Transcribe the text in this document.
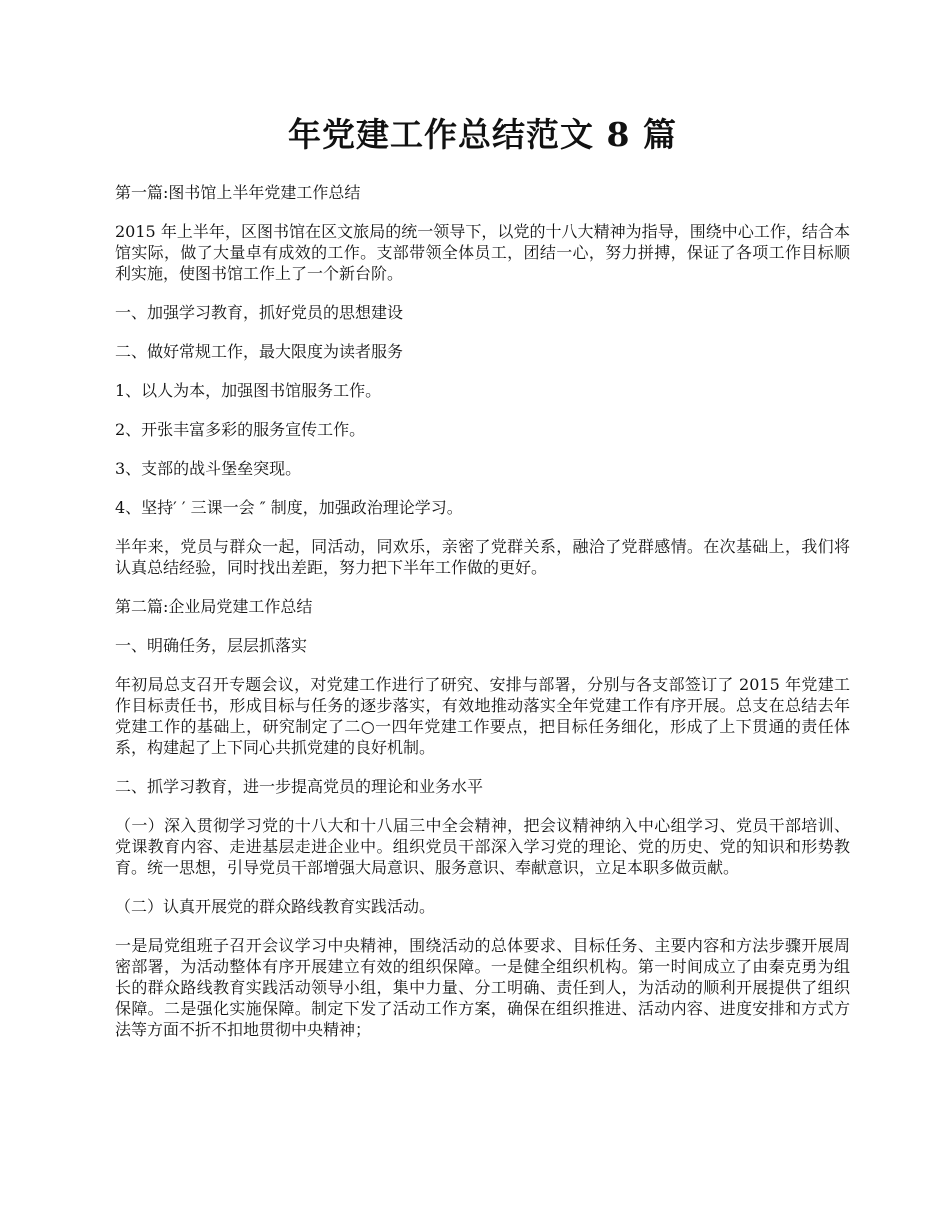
年党建工作总结范文 8 篇

第一篇:图书馆上半年党建工作总结

2015 年上半年，区图书馆在区文旅局的统一领导下，以党的十八大精神为指导，围绕中心工作，结合本馆实际，做了大量卓有成效的工作。支部带领全体员工，团结一心，努力拼搏，保证了各项工作目标顺利实施，使图书馆工作上了一个新台阶。

一、加强学习教育，抓好党员的思想建设

二、做好常规工作，最大限度为读者服务

1、以人为本，加强图书馆服务工作。

2、开张丰富多彩的服务宣传工作。

3、支部的战斗堡垒突现。

4、坚持′ ′ 三课一会 ″ 制度，加强政治理论学习。

半年来，党员与群众一起，同活动，同欢乐，亲密了党群关系，融洽了党群感情。在次基础上，我们将认真总结经验，同时找出差距，努力把下半年工作做的更好。

第二篇:企业局党建工作总结

一、明确任务，层层抓落实

年初局总支召开专题会议，对党建工作进行了研究、安排与部署，分别与各支部签订了 2015 年党建工作目标责任书，形成目标与任务的逐步落实，有效地推动落实全年党建工作有序开展。总支在总结去年党建工作的基础上，研究制定了二○一四年党建工作要点，把目标任务细化，形成了上下贯通的责任体系，构建起了上下同心共抓党建的良好机制。

二、抓学习教育，进一步提高党员的理论和业务水平

（一）深入贯彻学习党的十八大和十八届三中全会精神，把会议精神纳入中心组学习、党员干部培训、党课教育内容、走进基层走进企业中。组织党员干部深入学习党的理论、党的历史、党的知识和形势教育。统一思想，引导党员干部增强大局意识、服务意识、奉献意识，立足本职多做贡献。

（二）认真开展党的群众路线教育实践活动。

一是局党组班子召开会议学习中央精神，围绕活动的总体要求、目标任务、主要内容和方法步骤开展周密部署，为活动整体有序开展建立有效的组织保障。一是健全组织机构。第一时间成立了由秦克勇为组长的群众路线教育实践活动领导小组，集中力量、分工明确、责任到人，为活动的顺利开展提供了组织保障。二是强化实施保障。制定下发了活动工作方案，确保在组织推进、活动内容、进度安排和方式方法等方面不折不扣地贯彻中央精神；
